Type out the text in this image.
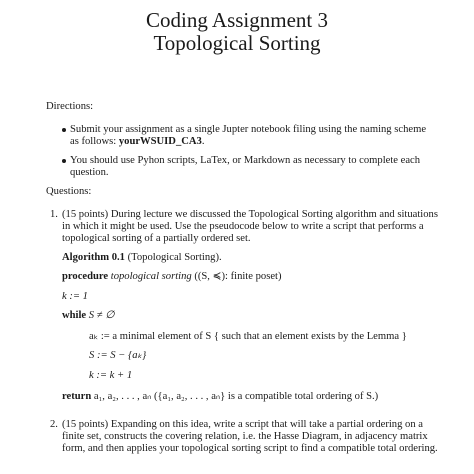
Coding Assignment 3
Topological Sorting
Directions:
Submit your assignment as a single Jupter notebook filing using the naming scheme
as follows: yourWSUID_CA3.
You should use Pyhon scripts, LaTex, or Markdown as necessary to complete each
question.
Questions:
1. (15 points) During lecture we discussed the Topological Sorting algorithm and situations
in which it might be used. Use the pseudocode below to write a script that performs a
topological sorting of a partially ordered set.
Algorithm 0.1 (Topological Sorting).
procedure topological sorting ((S, ≼): finite poset)
k := 1
while S ≠ ∅
aₖ := a minimal element of S { such that an element exists by the Lemma }
S := S − {aₖ}
k := k + 1
return a₁, a₂, . . . , aₙ ({a₁, a₂, . . . , aₙ} is a compatible total ordering of S.)
2. (15 points) Expanding on this idea, write a script that will take a partial ordering on a
finite set, constructs the covering relation, i.e. the Hasse Diagram, in adjacency matrix
form, and then applies your topological sorting script to find a compatible total ordering.
